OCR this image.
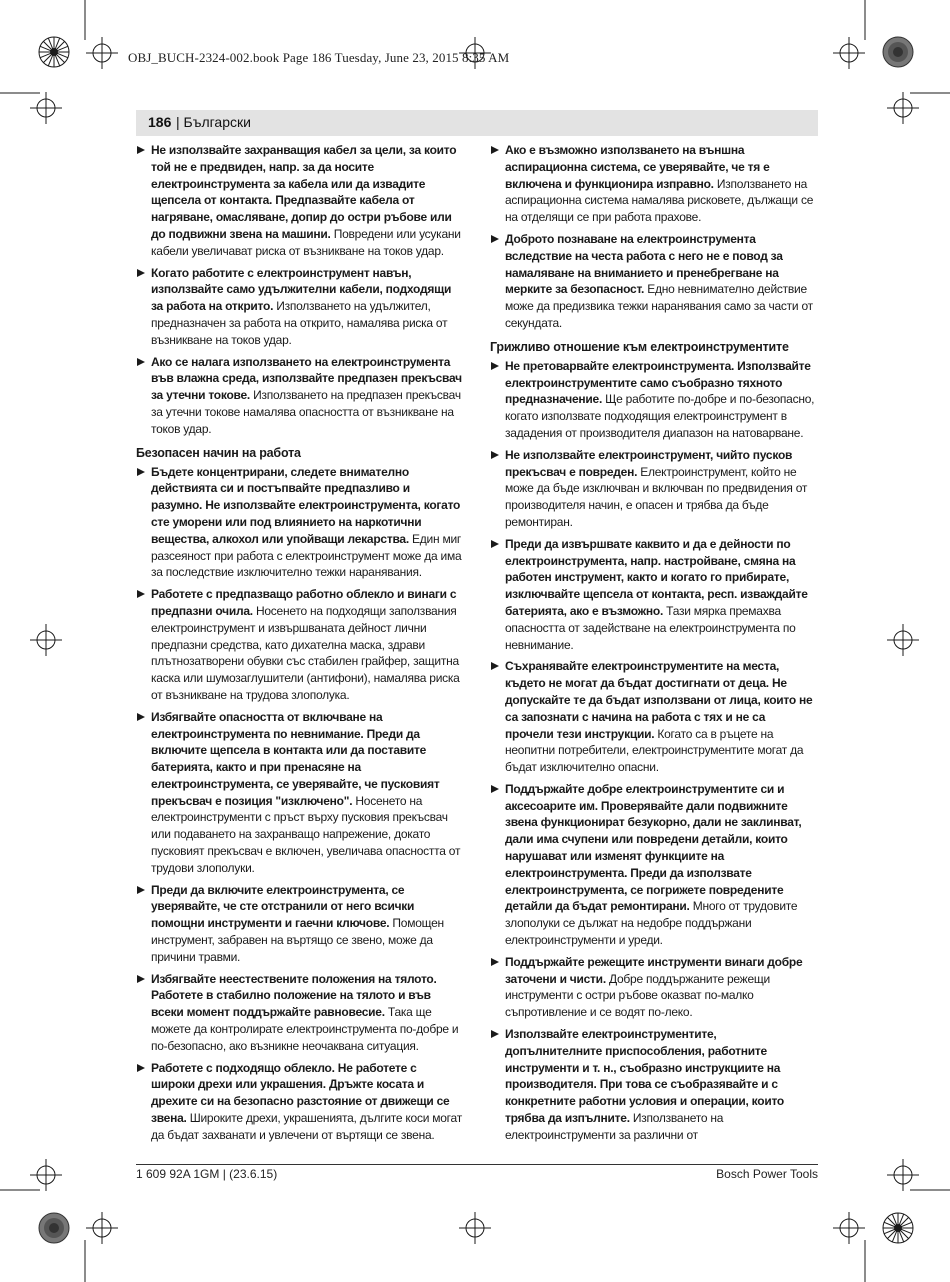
OBJ_BUCH-2324-002.book Page 186 Tuesday, June 23, 2015 8:35 AM
186 | Български
Не използвайте захранващия кабел за цели, за които той не е предвиден, напр. за да носите електроинструмента за кабела или да извадите щепсела от контакта. Предпазвайте кабела от нагряване, омасляване, допир до остри ръбове или до подвижни звена на машини. Повредени или усукани кабели увеличават риска от възникване на токов удар.
Когато работите с електроинструмент навън, използвайте само удължителни кабели, подходящи за работа на открито. Използването на удължител, предназначен за работа на открито, намалява риска от възникване на токов удар.
Ако се налага използването на електроинструмента във влажна среда, използвайте предпазен прекъсвач за утечни токове. Използването на предпазен прекъсвач за утечни токове намалява опасността от възникване на токов удар.
Безопасен начин на работа
Бъдете концентрирани, следете внимателно действията си и постъпвайте предпазливо и разумно. Не използвайте електроинструмента, когато сте уморени или под влиянието на наркотични вещества, алкохол или упойващи лекарства. Един миг разсеяност при работа с електроинструмент може да има за последствие изключително тежки наранявания.
Работете с предпазващо работно облекло и винаги с предпазни очила. Носенето на подходящи заползвания електроинструмент и извършваната дейност лични предпазни средства, като дихателна маска, здрави плътнозатворени обувки със стабилен грайфер, защитна каска или шумозаглушители (антифони), намалява риска от възникване на трудова злополука.
Избягвайте опасността от включване на електроинструмента по невнимание. Преди да включите щепсела в контакта или да поставите батерията, както и при пренасяне на електроинструмента, се уверявайте, че пусковият прекъсвач е позиция "изключено". Носенето на електроинструменти с пръст върху пусковия прекъсвач или подаването на захранващо напрежение, докато пусковият прекъсвач е включен, увеличава опасността от трудови злополуки.
Преди да включите електроинструмента, се уверявайте, че сте отстранили от него всички помощни инструменти и гаечни ключове. Помощен инструмент, забравен на въртящо се звено, може да причини травми.
Избягвайте неестествените положения на тялото. Работете в стабилно положение на тялото и във всеки момент поддържайте равновесие. Така ще можете да контролирате електроинструмента по-добре и по-безопасно, ако възникне неочаквана ситуация.
Работете с подходящо облекло. Не работете с широки дрехи или украшения. Дръжте косата и дрехите си на безопасно разстояние от движещи се звена. Широките дрехи, украшенията, дългите коси могат да бъдат захванати и увлечени от въртящи се звена.
Ако е възможно използването на външна аспирационна система, се уверявайте, че тя е включена и функционира изправно. Използването на аспирационна система намалява рисковете, дължащи се на отделящи се при работа прахове.
Доброто познаване на електроинструмента вследствие на честа работа с него не е повод за намаляване на вниманието и пренебрегване на мерките за безопасност. Едно невнимателно действие може да предизвика тежки наранявания само за части от секундата.
Грижливо отношение към електроинструментите
Не претоварвайте електроинструмента. Използвайте електроинструментите само съобразно тяхното предназначение. Ще работите по-добре и по-безопасно, когато използвате подходящия електроинструмент в зададения от производителя диапазон на натоварване.
Не използвайте електроинструмент, чийто пусков прекъсвач е повреден. Електроинструмент, който не може да бъде изключван и включван по предвидения от производителя начин, е опасен и трябва да бъде ремонтиран.
Преди да извършвате каквито и да е дейности по електроинструмента, напр. настройване, смяна на работен инструмент, както и когато го прибирате, изключвайте щепсела от контакта, респ. изваждайте батерията, ако е възможно. Тази мярка премахва опасността от задействане на електроинструмента по невнимание.
Съхранявайте електроинструментите на места, където не могат да бъдат достигнати от деца. Не допускайте те да бъдат използвани от лица, които не са запознати с начина на работа с тях и не са прочели тези инструкции. Когато са в ръцете на неопитни потребители, електроинструментите могат да бъдат изключително опасни.
Поддържайте добре електроинструментите си и аксесоарите им. Проверявайте дали подвижните звена функционират безукорно, дали не заклинват, дали има счупени или повредени детайли, които нарушават или изменят функциите на електроинструмента. Преди да използвате електроинструмента, се погрижете повредените детайли да бъдат ремонтирани. Много от трудовите злополуки се дължат на недобре поддържани електроинструменти и уреди.
Поддържайте режещите инструменти винаги добре заточени и чисти. Добре поддържаните режещи инструменти с остри ръбове оказват по-малко съпротивление и се водят по-леко.
Използвайте електроинструментите, допълнителните приспособления, работните инструменти и т. н., съобразно инструкциите на производителя. При това се съобразявайте и с конкретните работни условия и операции, които трябва да изпълните. Използването на електроинструменти за различни от
1 609 92A 1GM | (23.6.15)	Bosch Power Tools
